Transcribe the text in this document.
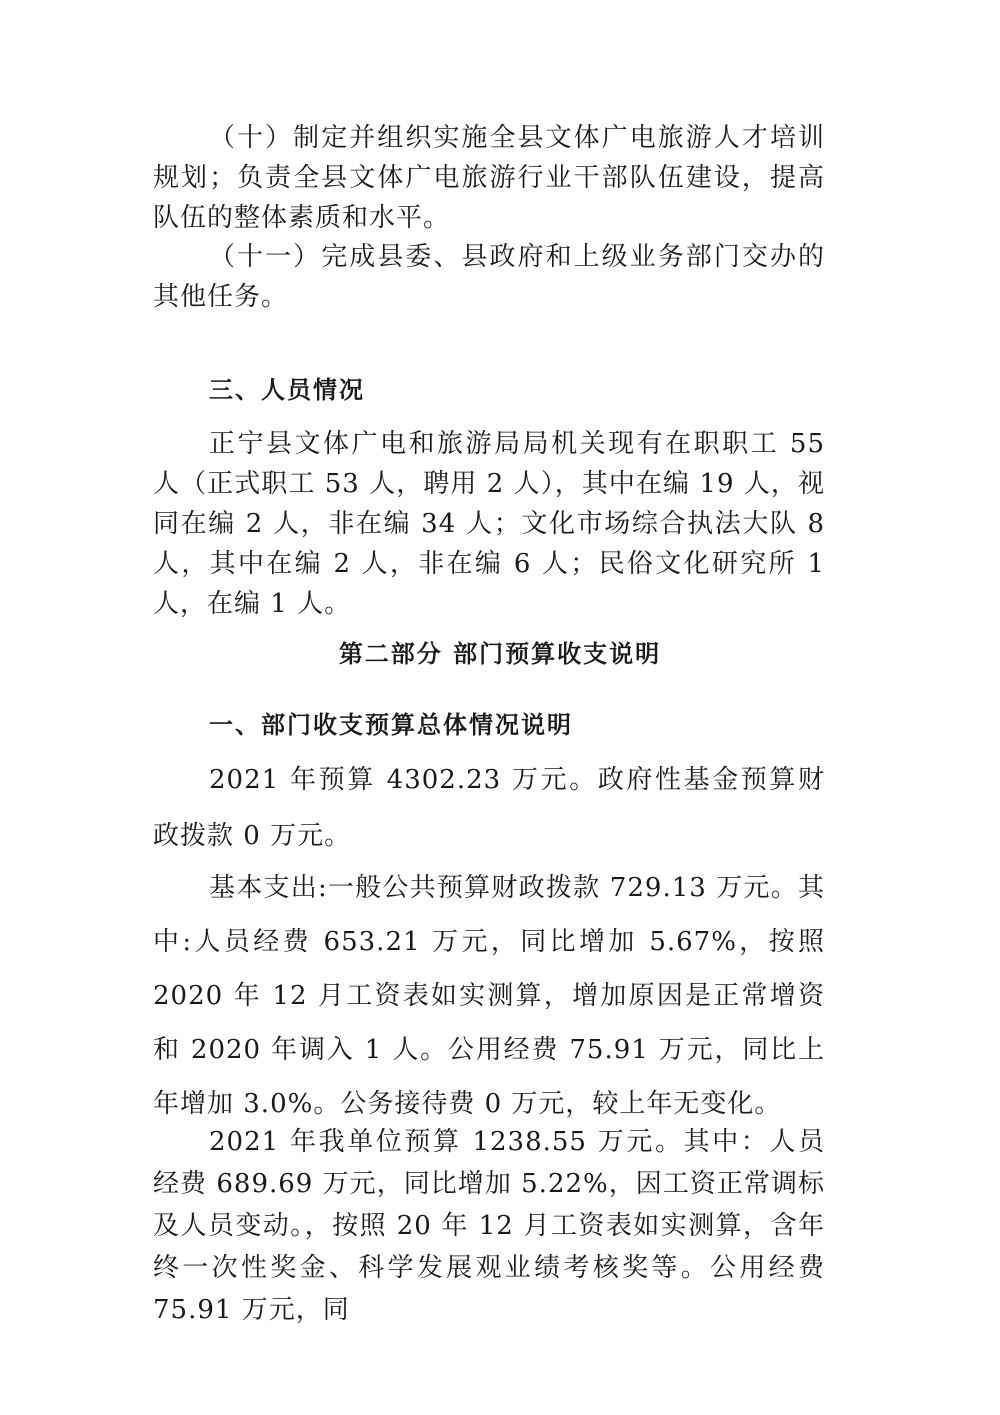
（十）制定并组织实施全县文体广电旅游人才培训规划；负责全县文体广电旅游行业干部队伍建设，提高队伍的整体素质和水平。

（十一）完成县委、县政府和上级业务部门交办的其他任务。

三、人员情况

正宁县文体广电和旅游局局机关现有在职职工 55 人（正式职工 53 人，聘用 2 人），其中在编 19 人，视同在编 2 人，非在编 34 人；文化市场综合执法大队 8 人，其中在编 2 人，非在编 6 人；民俗文化研究所 1 人，在编 1 人。

第二部分 部门预算收支说明
一、部门收支预算总体情况说明

2021 年预算 4302.23 万元。政府性基金预算财政拨款 0 万元。

基本支出:一般公共预算财政拨款 729.13 万元。其中:人员经费 653.21 万元，同比增加 5.67%，按照 2020 年 12 月工资表如实测算，增加原因是正常增资和 2020 年调入 1 人。公用经费 75.91 万元，同比上年增加 3.0%。公务接待费 0 万元，较上年无变化。

2021 年我单位预算 1238.55 万元。其中：人员经费 689.69 万元，同比增加 5.22%，因工资正常调标及人员变动。，按照 20 年 12 月工资表如实测算，含年终一次性奖金、科学发展观业绩考核奖等。公用经费 75.91 万元，同
